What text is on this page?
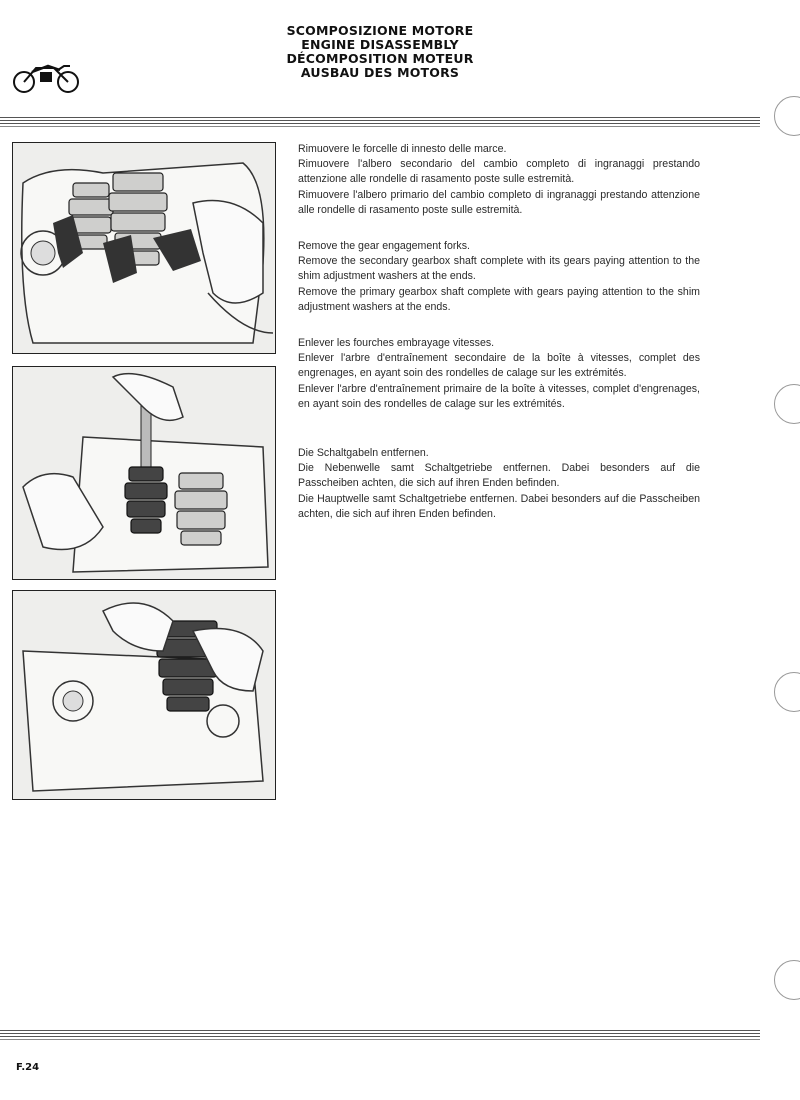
SCOMPOSIZIONE MOTORE
ENGINE DISASSEMBLY
DÉCOMPOSITION MOTEUR
AUSBAU DES MOTORS
Rimuovere le forcelle di innesto delle marce.
Rimuovere l'albero secondario del cambio completo di ingranaggi prestando attenzione alle rondelle di rasamento poste sulle estremità.
Rimuovere l'albero primario del cambio completo di ingranaggi prestando attenzione alle rondelle di rasamento poste sulle estremità.
Remove the gear engagement forks.
Remove the secondary gearbox shaft complete with its gears paying attention to the shim adjustment washers at the ends.
Remove the primary gearbox shaft complete with gears paying attention to the shim adjustment washers at the ends.
Enlever les fourches embrayage vitesses.
Enlever l'arbre d'entraînement secondaire de la boîte à vitesses, complet des engrenages, en ayant soin des rondelles de calage sur les extrémités.
Enlever l'arbre d'entraînement primaire de la boîte à vitesses, complet d'engrenages, en ayant soin des rondelles de calage sur les extrémités.
Die Schaltgabeln entfernen.
Die Nebenwelle samt Schaltgetriebe entfernen. Dabei besonders auf die Passcheiben achten, die sich auf ihren Enden befinden.
Die Hauptwelle samt Schaltgetriebe entfernen. Dabei besonders auf die Passcheiben achten, die sich auf ihren Enden befinden.
F.24
